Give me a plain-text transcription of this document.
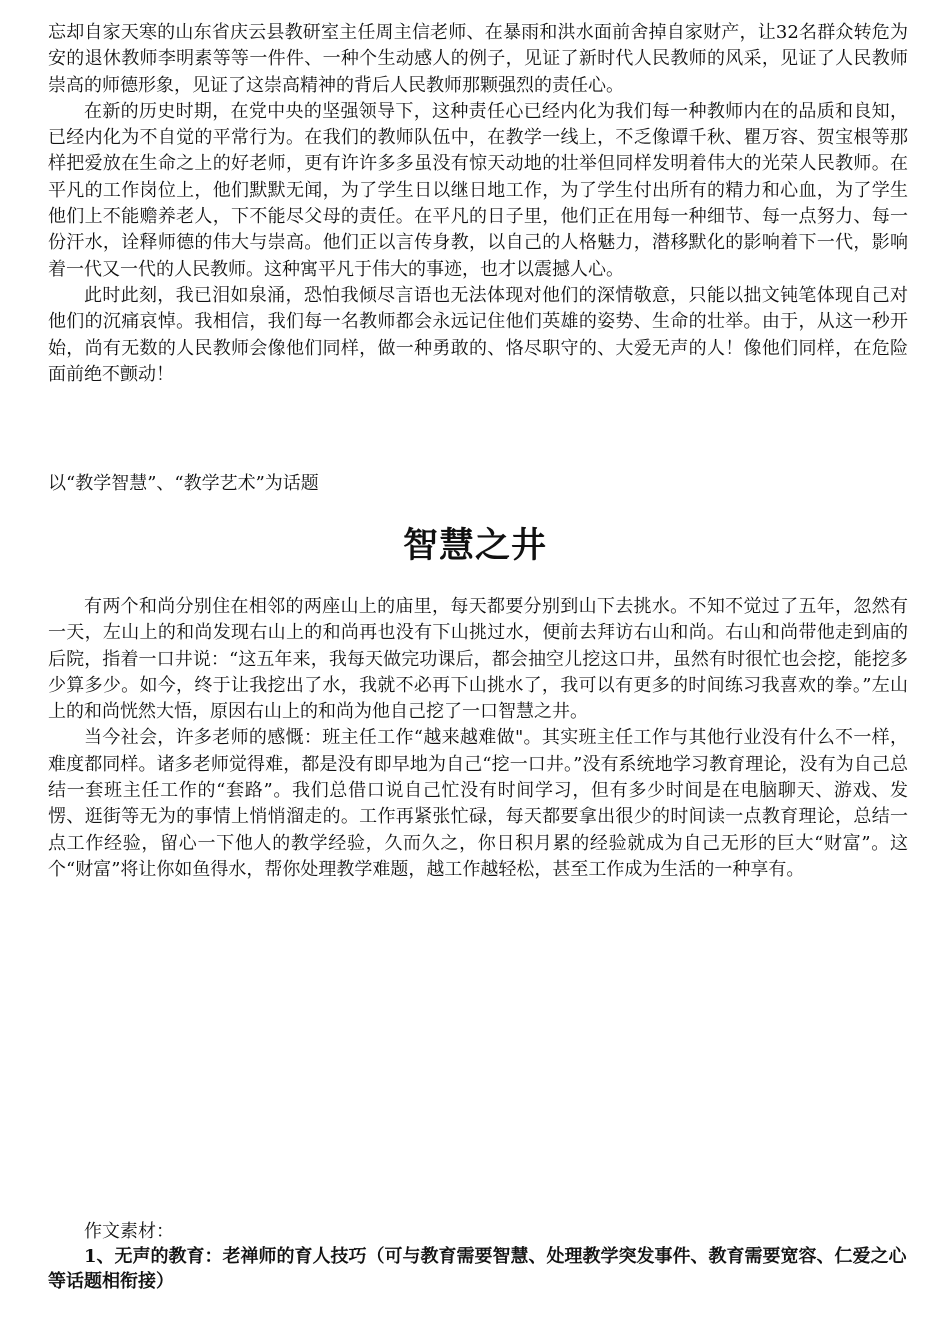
忘却自家天寒的山东省庆云县教研室主任周主信老师、在暴雨和洪水面前舍掉自家财产，让32名群众转危为安的退休教师李明素等等一件件、一种个生动感人的例子，见证了新时代人民教师的风采，见证了人民教师崇高的师德形象，见证了这崇高精神的背后人民教师那颗强烈的责任心。

在新的历史时期，在党中央的坚强领导下，这种责任心已经内化为我们每一种教师内在的品质和良知，已经内化为不自觉的平常行为。在我们的教师队伍中，在教学一线上，不乏像谭千秋、瞿万容、贺宝根等那样把爱放在生命之上的好老师，更有许许多多虽没有惊天动地的壮举但同样发明着伟大的光荣人民教师。在平凡的工作岗位上，他们默默无闻，为了学生日以继日地工作，为了学生付出所有的精力和心血，为了学生他们上不能赡养老人，下不能尽父母的责任。在平凡的日子里，他们正在用每一种细节、每一点努力、每一份汗水，诠释师德的伟大与崇高。他们正以言传身教，以自己的人格魅力，潜移默化的影响着下一代，影响着一代又一代的人民教师。这种寓平凡于伟大的事迹，也才以震撼人心。

此时此刻，我已泪如泉涌，恐怕我倾尽言语也无法体现对他们的深情敬意，只能以拙文钝笔体现自己对他们的沉痛哀悼。我相信，我们每一名教师都会永远记住他们英雄的姿势、生命的壮举。由于，从这一秒开始，尚有无数的人民教师会像他们同样，做一种勇敢的、恪尽职守的、大爱无声的人！像他们同样，在危险面前绝不颤动！

以“教学智慧”、“教学艺术”为话题

智慧之井

有两个和尚分别住在相邻的两座山上的庙里，每天都要分别到山下去挑水。不知不觉过了五年，忽然有一天，左山上的和尚发现右山上的和尚再也没有下山挑过水，便前去拜访右山和尚。右山和尚带他走到庙的后院，指着一口井说：“这五年来，我每天做完功课后，都会抽空儿挖这口井，虽然有时很忙也会挖，能挖多少算多少。如今，终于让我挖出了水，我就不必再下山挑水了，我可以有更多的时间练习我喜欢的拳。”左山上的和尚恍然大悟，原因右山上的和尚为他自己挖了一口智慧之井。

当今社会，许多老师的感慨：班主任工作“越来越难做"。其实班主任工作与其他行业没有什么不一样，难度都同样。诸多老师觉得难，都是没有即早地为自己“挖一口井。”没有系统地学习教育理论，没有为自己总结一套班主任工作的“套路”。我们总借口说自己忙没有时间学习，但有多少时间是在电脑聊天、游戏、发愣、逛街等无为的事情上悄悄溜走的。工作再紧张忙碌，每天都要拿出很少的时间读一点教育理论，总结一点工作经验，留心一下他人的教学经验，久而久之，你日积月累的经验就成为自己无形的巨大“财富”。这个“财富”将让你如鱼得水，帮你处理教学难题，越工作越轻松，甚至工作成为生活的一种享有。

作文素材：

1、无声的教育：老禅师的育人技巧（可与教育需要智慧、处理教学突发事件、教育需要宽容、仁爱之心等话题相衔接）
